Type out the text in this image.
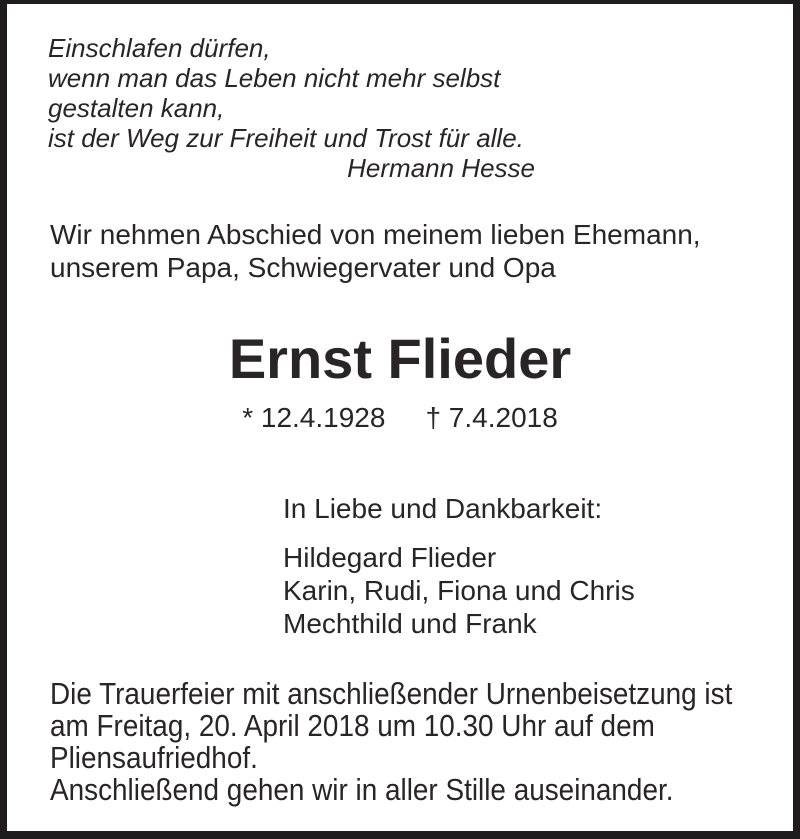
Einschlafen dürfen,
wenn man das Leben nicht mehr selbst
gestalten kann,
ist der Weg zur Freiheit und Trost für alle.
Hermann Hesse
Wir nehmen Abschied von meinem lieben Ehemann,
unserem Papa, Schwiegervater und Opa
Ernst Flieder
* 12.4.1928 † 7.4.2018
In Liebe und Dankbarkeit:
Hildegard Flieder
Karin, Rudi, Fiona und Chris
Mechthild und Frank
Die Trauerfeier mit anschließender Urnenbeisetzung ist
am Freitag, 20. April 2018 um 10.30 Uhr auf dem
Pliensaufriedhof.
Anschließend gehen wir in aller Stille auseinander.
